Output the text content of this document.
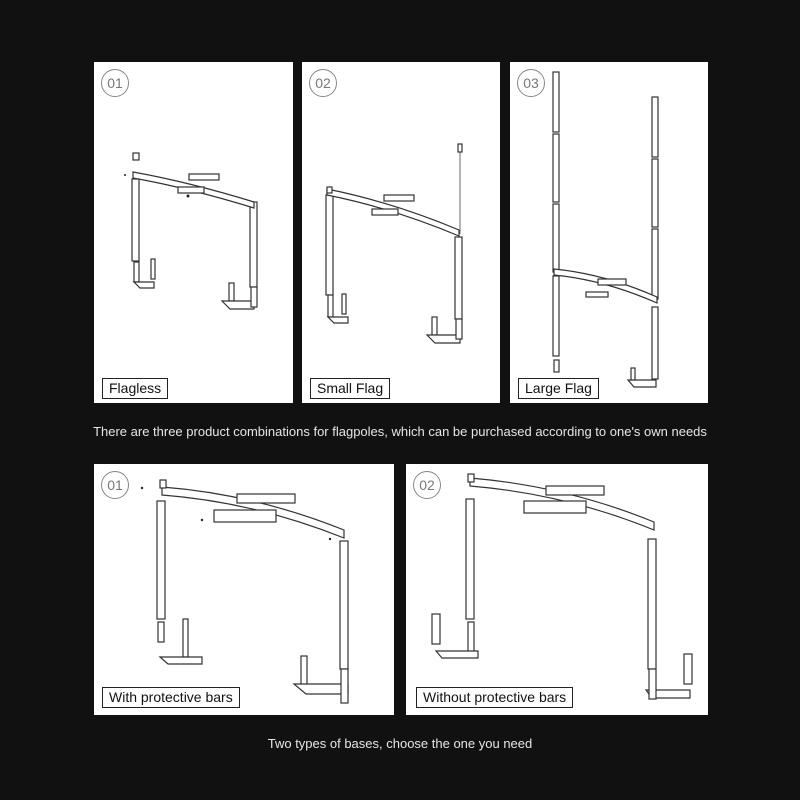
01
Flagless
02
Small Flag
03
Large Flag
There are three product combinations for flagpoles, which can be purchased according to one's own needs
01
With protective bars
02
Without protective bars
Two types of bases, choose the one you need
